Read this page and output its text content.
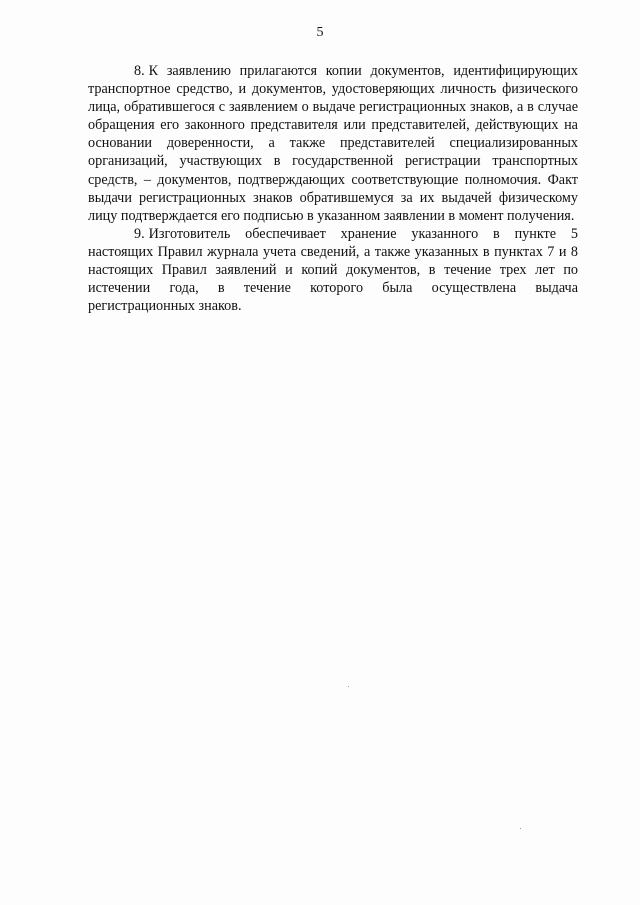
5

8. К заявлению прилагаются копии документов, идентифицирующих транспортное средство, и документов, удостоверяющих личность физического лица, обратившегося с заявлением о выдаче регистрационных знаков, а в случае обращения его законного представителя или представителей, действующих на основании доверенности, а также представителей специализированных организаций, участвующих в государственной регистрации транспортных средств, – документов, подтверждающих соответствующие полномочия. Факт выдачи регистрационных знаков обратившемуся за их выдачей физическому лицу подтверждается его подписью в указанном заявлении в момент получения.

9. Изготовитель обеспечивает хранение указанного в пункте 5 настоящих Правил журнала учета сведений, а также указанных в пунктах 7 и 8 настоящих Правил заявлений и копий документов, в течение трех лет по истечении года, в течение которого была осуществлена выдача регистрационных знаков.
